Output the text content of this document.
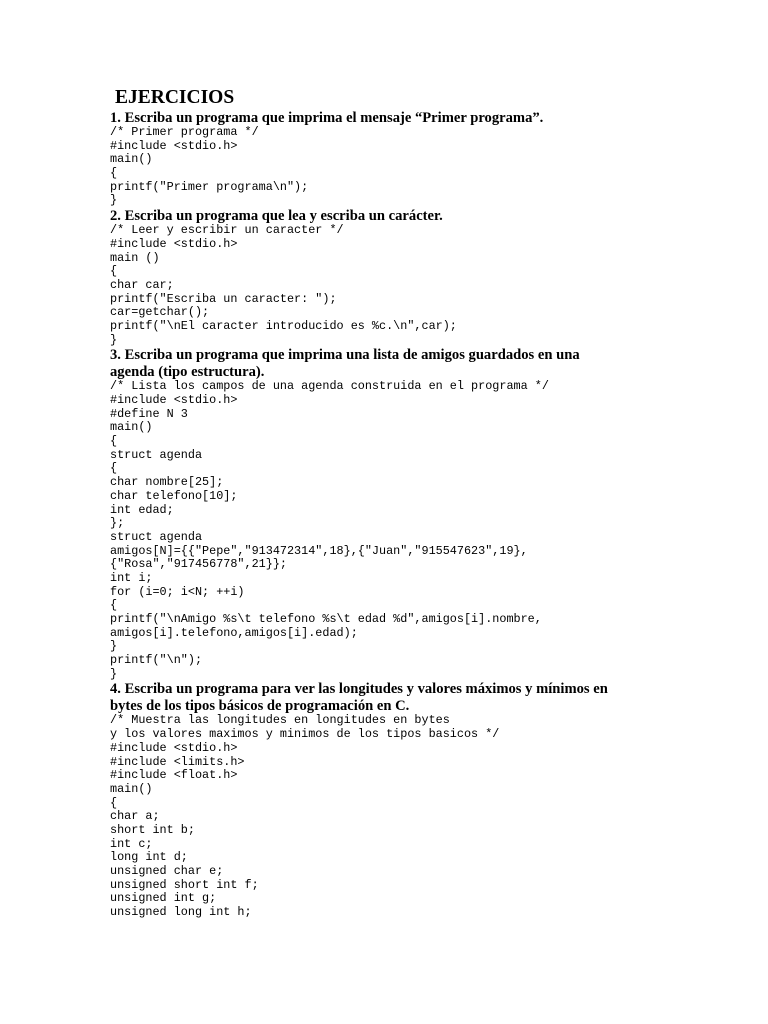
EJERCICIOS
1. Escriba un programa que imprima el mensaje “Primer programa”.
/* Primer programa */
#include <stdio.h>
main()
{
printf("Primer programa\n");
}
2. Escriba un programa que lea y escriba un carácter.
/* Leer y escribir un caracter */
#include <stdio.h>
main ()
{
char car;
printf("Escriba un caracter: ");
car=getchar();
printf("\nEl caracter introducido es %c.\n",car);
}
3. Escriba un programa que imprima una lista de amigos guardados en una
agenda (tipo estructura).
/* Lista los campos de una agenda construida en el programa */
#include <stdio.h>
#define N 3
main()
{
struct agenda
{
char nombre[25];
char telefono[10];
int edad;
};
struct agenda
amigos[N]={{"Pepe","913472314",18},{"Juan","915547623",19},
{"Rosa","917456778",21}};
int i;
for (i=0; i<N; ++i)
{
printf("\nAmigo %s\t telefono %s\t edad %d",amigos[i].nombre,
amigos[i].telefono,amigos[i].edad);
}
printf("\n");
}
4. Escriba un programa para ver las longitudes y valores máximos y mínimos en
bytes de los tipos básicos de programación en C.
/* Muestra las longitudes en longitudes en bytes
y los valores maximos y minimos de los tipos basicos */
#include <stdio.h>
#include <limits.h>
#include <float.h>
main()
{
char a;
short int b;
int c;
long int d;
unsigned char e;
unsigned short int f;
unsigned int g;
unsigned long int h;
